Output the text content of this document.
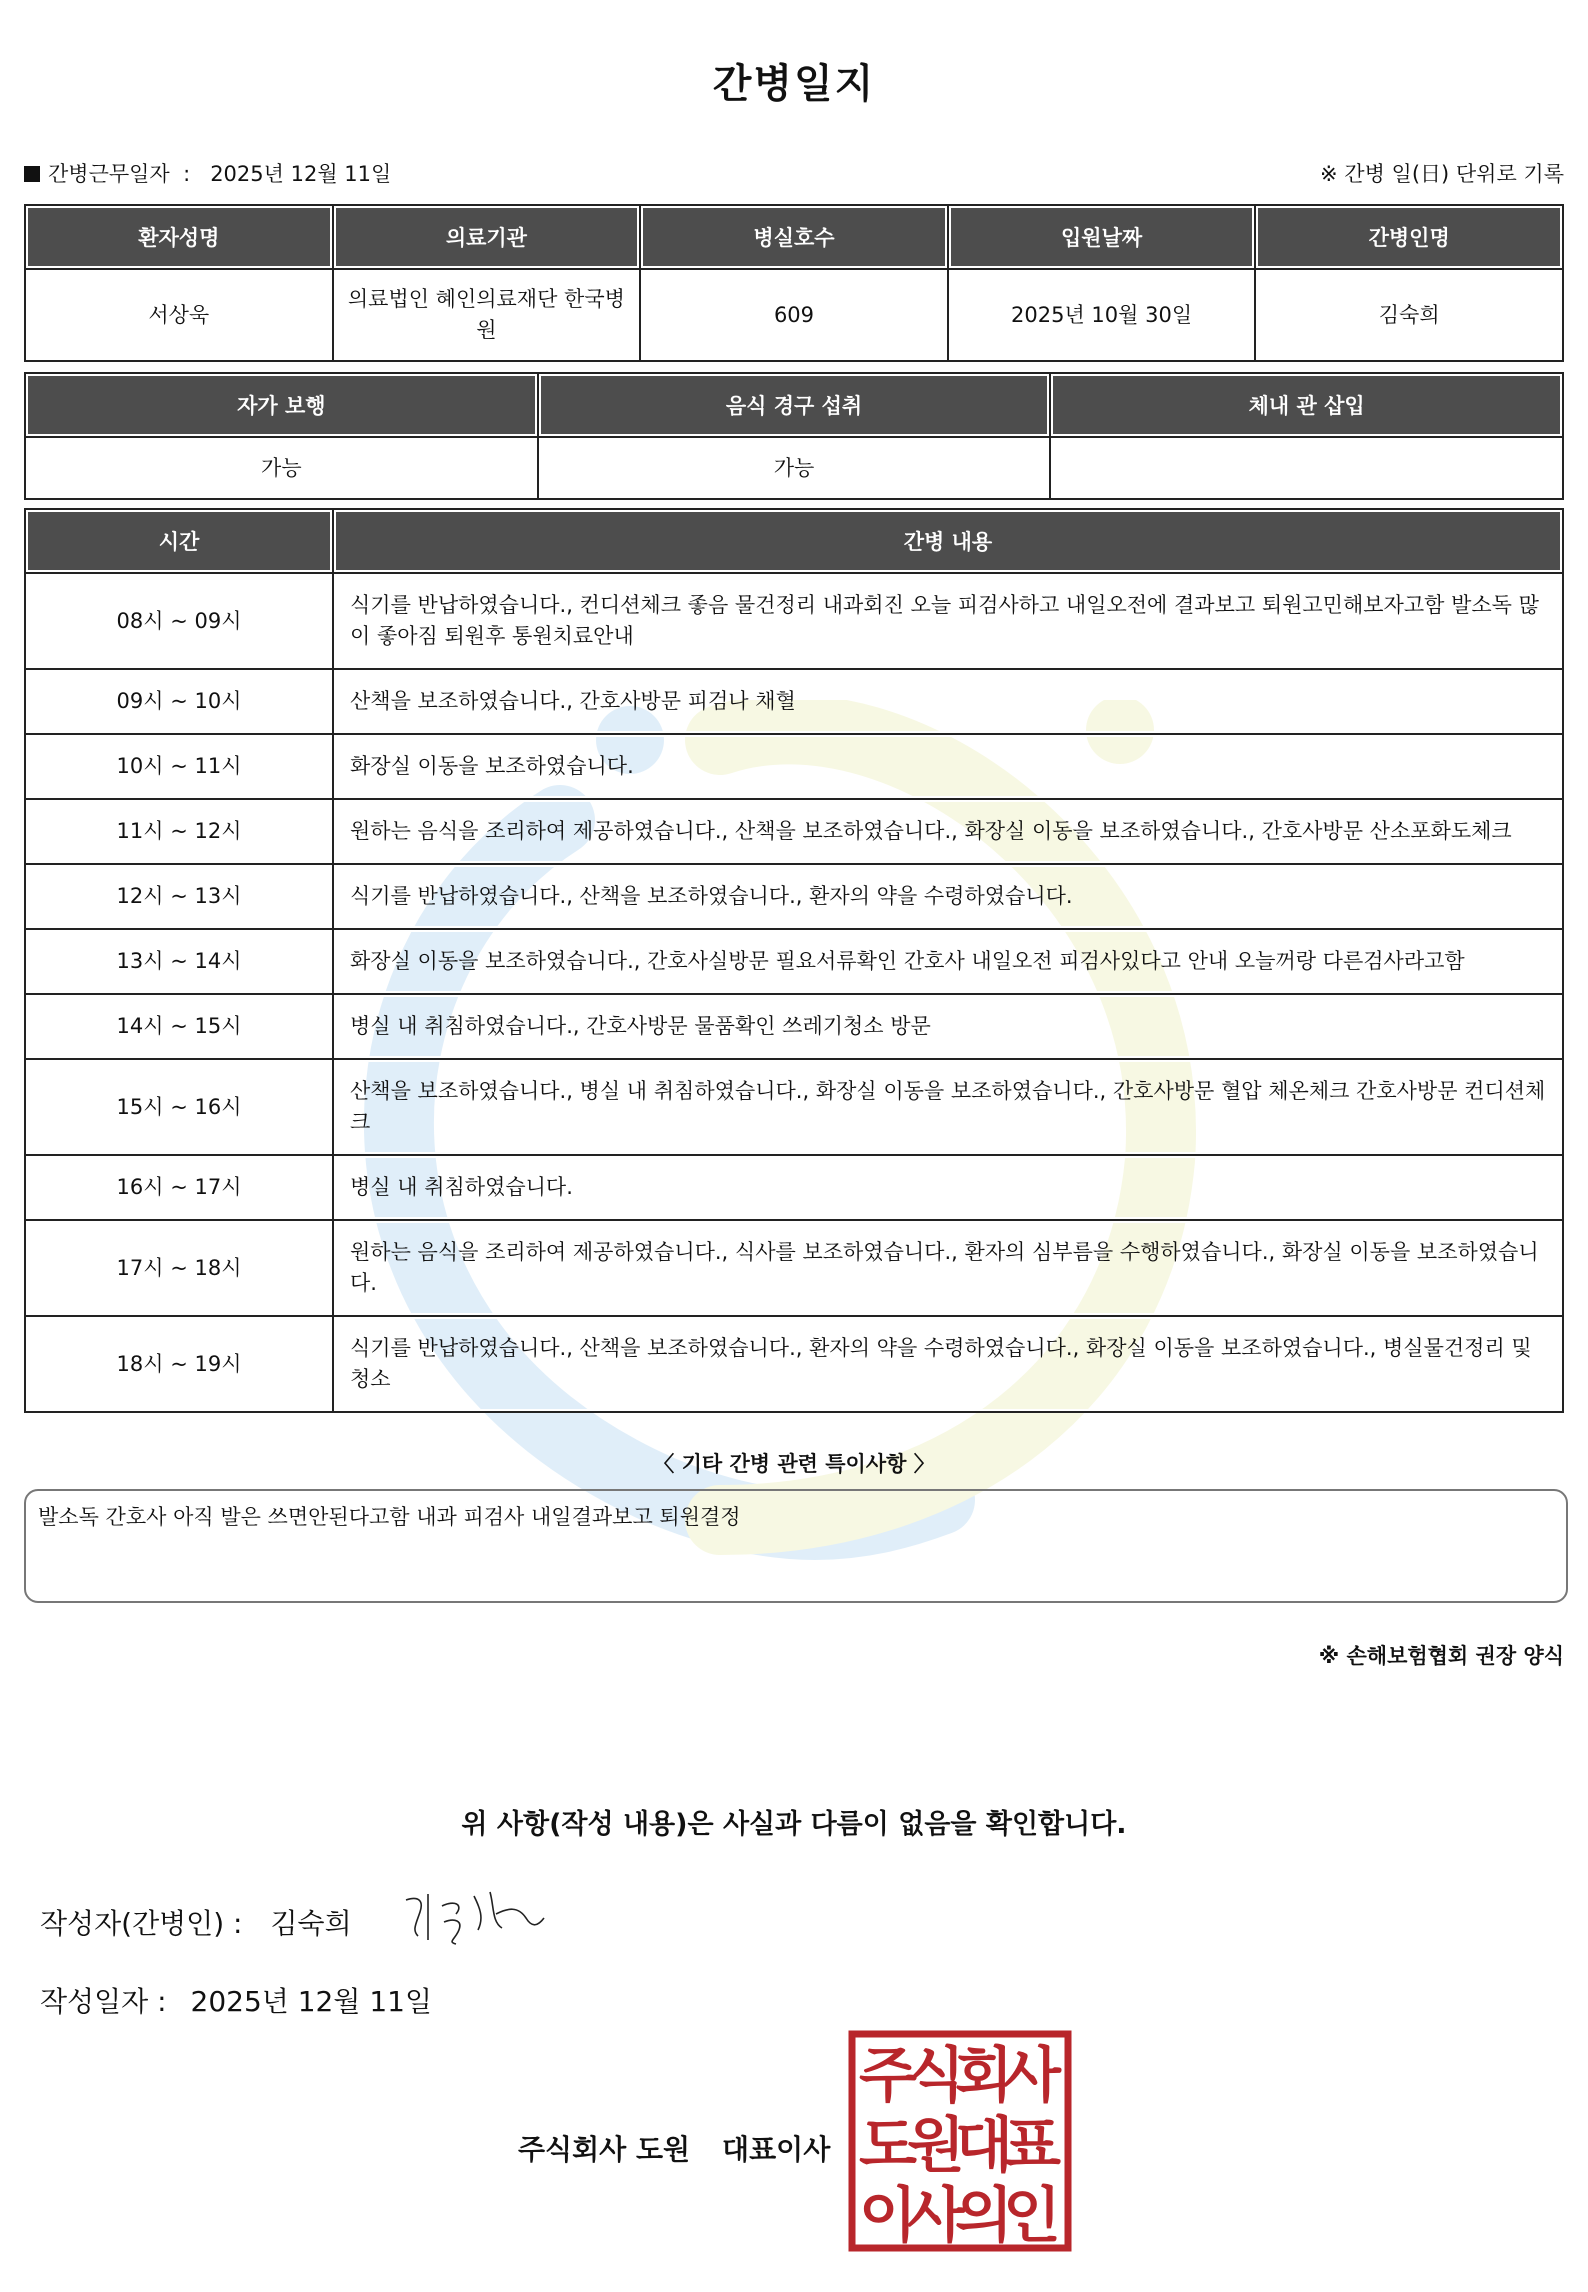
간병일지
간병근무일자 : 2025년 12월 11일	※ 간병 일(日) 단위로 기록
환자성명	의료기관	병실호수	입원날짜	간병인명
서상욱	의료법인 혜인의료재단 한국병원	609	2025년 10월 30일	김숙희
자가 보행	음식 경구 섭취	체내 관 삽입
가능	가능	
시간	간병 내용
08시 ~ 09시	식기를 반납하였습니다., 컨디션체크 좋음 물건정리 내과회진 오늘 피검사하고 내일오전에 결과보고 퇴원고민해보자고함 발소독 많이 좋아짐 퇴원후 통원치료안내
09시 ~ 10시	산책을 보조하였습니다., 간호사방문 피검나 채혈
10시 ~ 11시	화장실 이동을 보조하였습니다.
11시 ~ 12시	원하는 음식을 조리하여 제공하였습니다., 산책을 보조하였습니다., 화장실 이동을 보조하였습니다., 간호사방문 산소포화도체크
12시 ~ 13시	식기를 반납하였습니다., 산책을 보조하였습니다., 환자의 약을 수령하였습니다.
13시 ~ 14시	화장실 이동을 보조하였습니다., 간호사실방문 필요서류확인 간호사 내일오전 피검사있다고 안내 오늘꺼랑 다른검사라고함
14시 ~ 15시	병실 내 취침하였습니다., 간호사방문 물품확인 쓰레기청소 방문
15시 ~ 16시	산책을 보조하였습니다., 병실 내 취침하였습니다., 화장실 이동을 보조하였습니다., 간호사방문 혈압 체온체크 간호사방문 컨디션체크
16시 ~ 17시	병실 내 취침하였습니다.
17시 ~ 18시	원하는 음식을 조리하여 제공하였습니다., 식사를 보조하였습니다., 환자의 심부름을 수행하였습니다., 화장실 이동을 보조하였습니다.
18시 ~ 19시	식기를 반납하였습니다., 산책을 보조하였습니다., 환자의 약을 수령하였습니다., 화장실 이동을 보조하였습니다., 병실물건정리 및 청소
〈 기타 간병 관련 특이사항 〉
발소독 간호사 아직 발은 쓰면안된다고함 내과 피검사 내일결과보고 퇴원결정
※ 손해보험협회 권장 양식
위 사항(작성 내용)은 사실과 다름이 없음을 확인합니다.
작성자(간병인) : 김숙희
작성일자 : 2025년 12월 11일
주식회사 도원 대표이사
주
식
회
사
도
원
대
표
이
사
의
인
